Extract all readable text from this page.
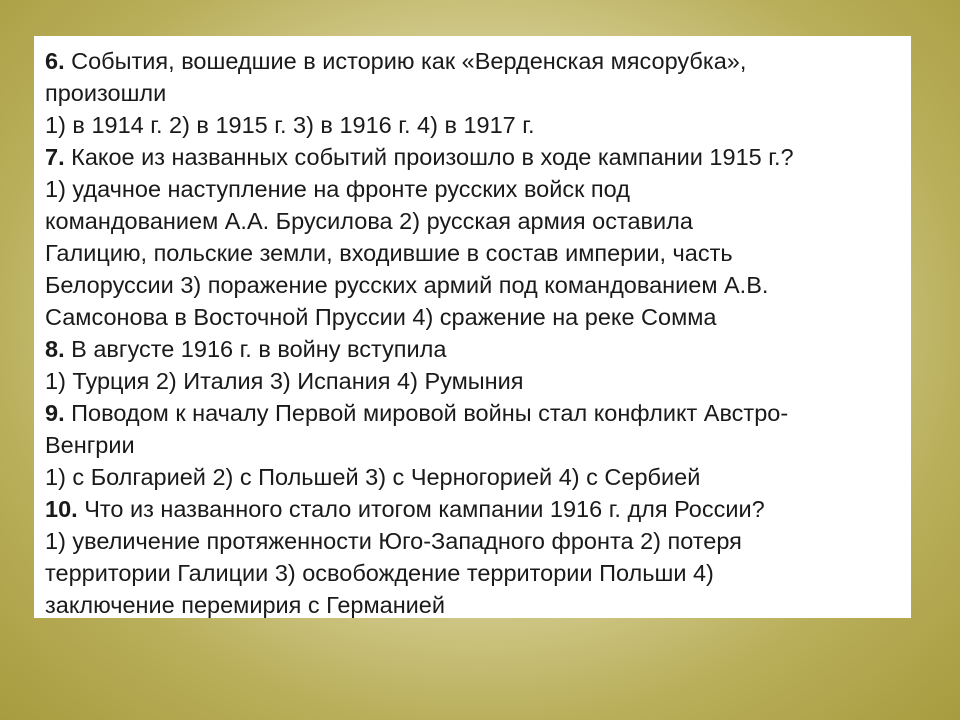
6. События, вошедшие в историю как «Верденская мясорубка»,
произошли
1) в 1914 г. 2) в 1915 г. 3) в 1916 г. 4) в 1917 г.
7. Какое из названных событий произошло в ходе кампании 1915 г.?
1) удачное наступление на фронте русских войск под
командованием А.А. Брусилова 2) русская армия оставила
Галицию, польские земли, входившие в состав империи, часть
Белоруссии 3) поражение русских армий под командованием А.В.
Самсонова в Восточной Пруссии 4) сражение на реке Сомма
8. В августе 1916 г. в войну вступила
1) Турция 2) Италия 3) Испания 4) Румыния
9. Поводом к началу Первой мировой войны стал конфликт Австро-
Венгрии
1) с Болгарией 2) с Польшей 3) с Черногорией 4) с Сербией
10. Что из названного стало итогом кампании 1916 г. для России?
1) увеличение протяженности Юго-Западного фронта 2) потеря
территории Галиции 3) освобождение территории Польши 4)
заключение перемирия с Германией
